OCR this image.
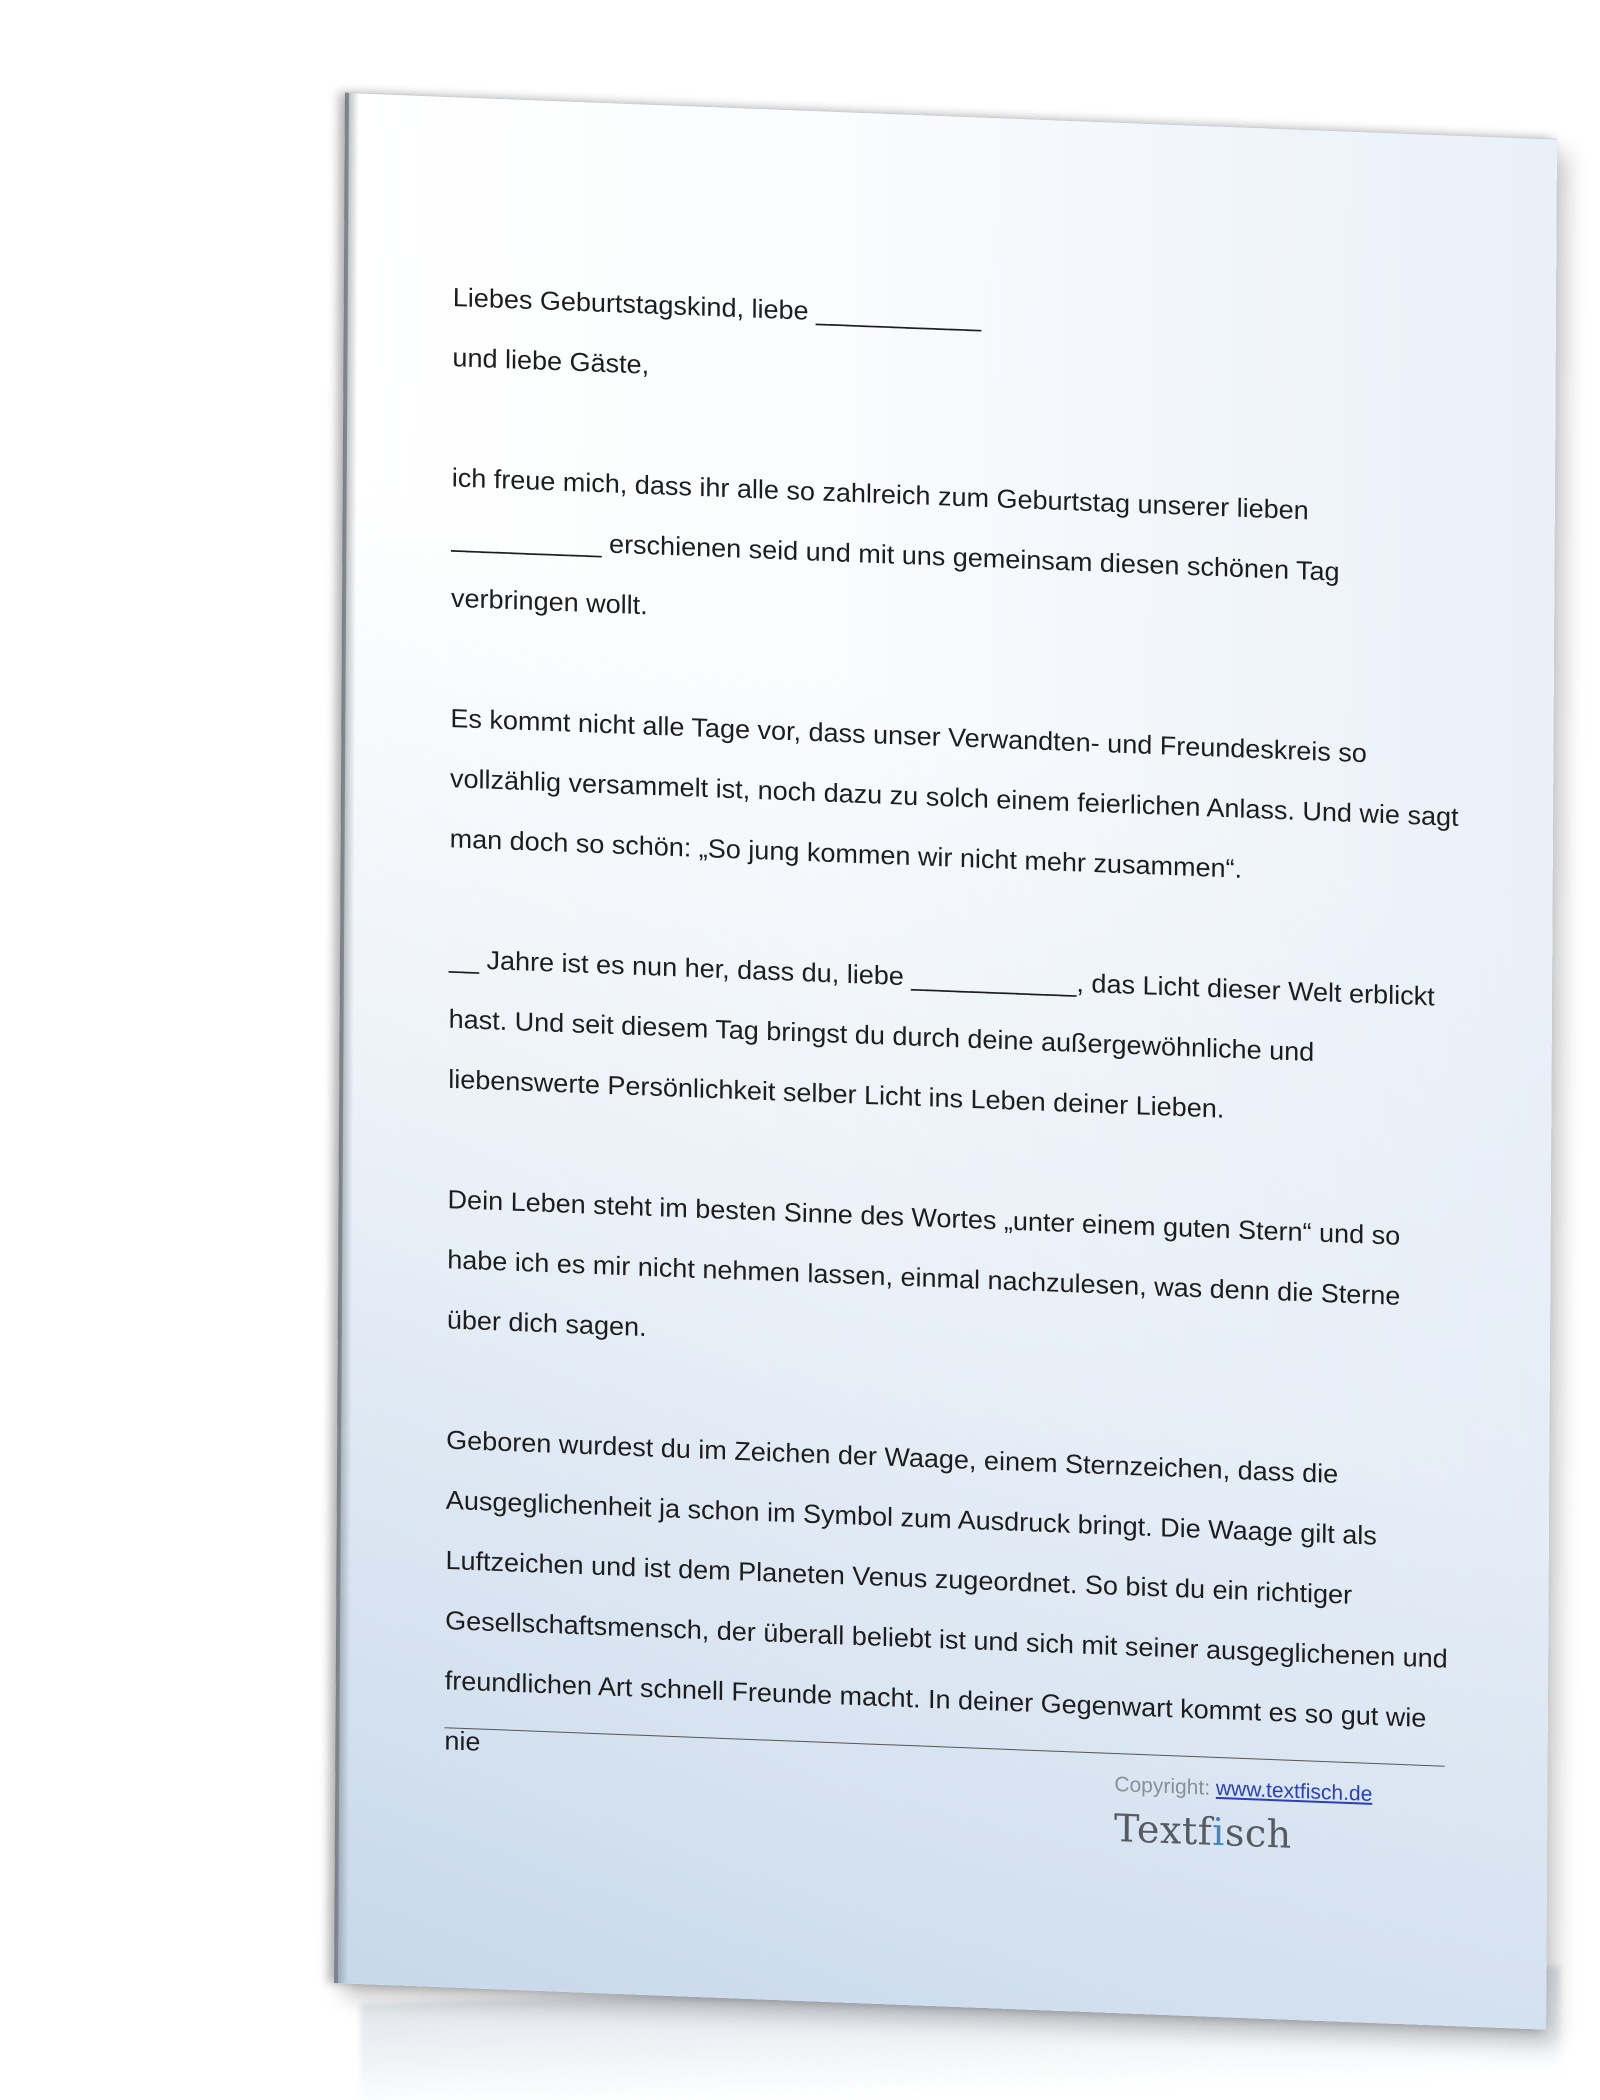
Liebes Geburtstagskind, liebe ___________

und liebe Gäste,

ich freue mich, dass ihr alle so zahlreich zum Geburtstag unserer lieben __________ erschienen seid und mit uns gemeinsam diesen schönen Tag verbringen wollt.

Es kommt nicht alle Tage vor, dass unser Verwandten- und Freundeskreis so vollzählig versammelt ist, noch dazu zu solch einem feierlichen Anlass. Und wie sagt man doch so schön: „So jung kommen wir nicht mehr zusammen“.

__ Jahre ist es nun her, dass du, liebe ___________, das Licht dieser Welt erblickt hast. Und seit diesem Tag bringst du durch deine außergewöhnliche und liebenswerte Persönlichkeit selber Licht ins Leben deiner Lieben.

Dein Leben steht im besten Sinne des Wortes „unter einem guten Stern“ und so habe ich es mir nicht nehmen lassen, einmal nachzulesen, was denn die Sterne über dich sagen.

Geboren wurdest du im Zeichen der Waage, einem Sternzeichen, dass die Ausgeglichenheit ja schon im Symbol zum Ausdruck bringt. Die Waage gilt als Luftzeichen und ist dem Planeten Venus zugeordnet. So bist du ein richtiger Gesellschaftsmensch, der überall beliebt ist und sich mit seiner ausgeglichenen und freundlichen Art schnell Freunde macht. In deiner Gegenwart kommt es so gut wie nie

Copyright: www.textfisch.de
Textfisch
